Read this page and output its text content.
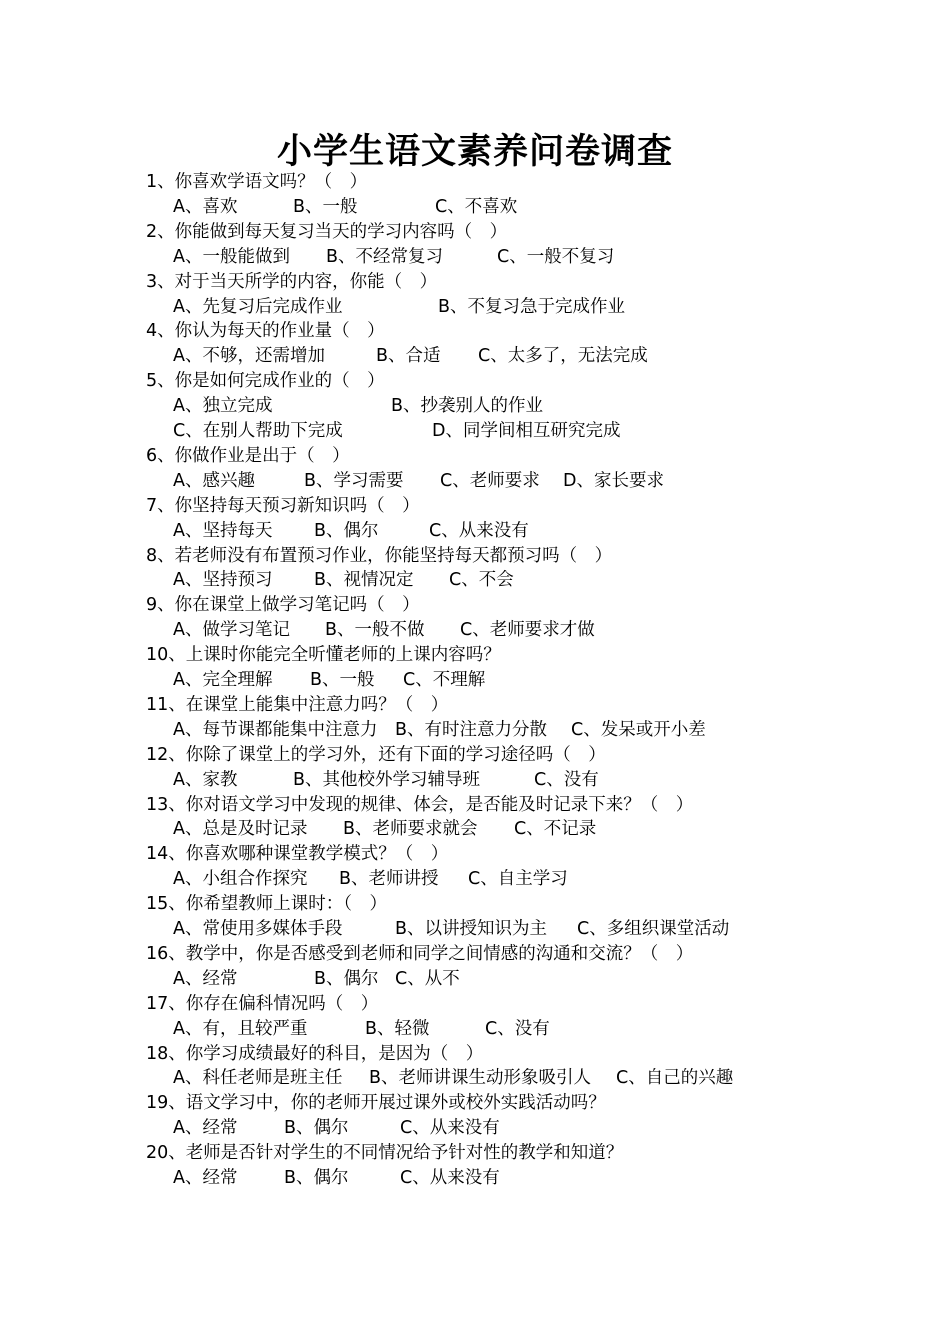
小学生语文素养问卷调查
1、你喜欢学语文吗？（　）
A、喜欢	B、一般	C、不喜欢
2、你能做到每天复习当天的学习内容吗（　）
A、一般能做到 B、不经常复习	C、一般不复习
3、对于当天所学的内容，你能（　）
A、先复习后完成作业	B、不复习急于完成作业
4、你认为每天的作业量（　）
A、不够，还需增加	B、合适 C、太多了，无法完成
5、你是如何完成作业的（　）
A、独立完成	B、抄袭别人的作业
C、在别人帮助下完成	D、同学间相互研究完成
6、你做作业是出于（　）
A、感兴趣	B、学习需要 C、老师要求 D、家长要求
7、你坚持每天预习新知识吗（　）
A、坚持每天 B、偶尔	C、从来没有
8、若老师没有布置预习作业，你能坚持每天都预习吗（　）
A、坚持预习 B、视情况定 C、不会
9、你在课堂上做学习笔记吗（　）
A、做学习笔记 B、一般不做 C、老师要求才做
10、上课时你能完全听懂老师的上课内容吗？
A、完全理解 B、一般 C、不理解
11、在课堂上能集中注意力吗？（　）
A、每节课都能集中注意力 B、有时注意力分散 C、发呆或开小差
12、你除了课堂上的学习外，还有下面的学习途径吗（　）
A、家教	B、其他校外学习辅导班	C、没有
13、你对语文学习中发现的规律、体会，是否能及时记录下来？（　）
A、总是及时记录 B、老师要求就会 C、不记录
14、你喜欢哪种课堂教学模式？（　）
A、小组合作探究 B、老师讲授 C、自主学习
15、你希望教师上课时：（　）
A、常使用多媒体手段	B、以讲授知识为主 C、多组织课堂活动
16、教学中，你是否感受到老师和同学之间情感的沟通和交流？（　）
A、经常	B、偶尔 C、从不
17、你存在偏科情况吗（　）
A、有，且较严重	B、轻微	C、没有
18、你学习成绩最好的科目，是因为（　）
A、科任老师是班主任 B、老师讲课生动形象吸引人 C、自己的兴趣
19、语文学习中，你的老师开展过课外或校外实践活动吗？
A、经常	B、偶尔	C、从来没有
20、老师是否针对学生的不同情况给予针对性的教学和知道？
A、经常	B、偶尔	C、从来没有
